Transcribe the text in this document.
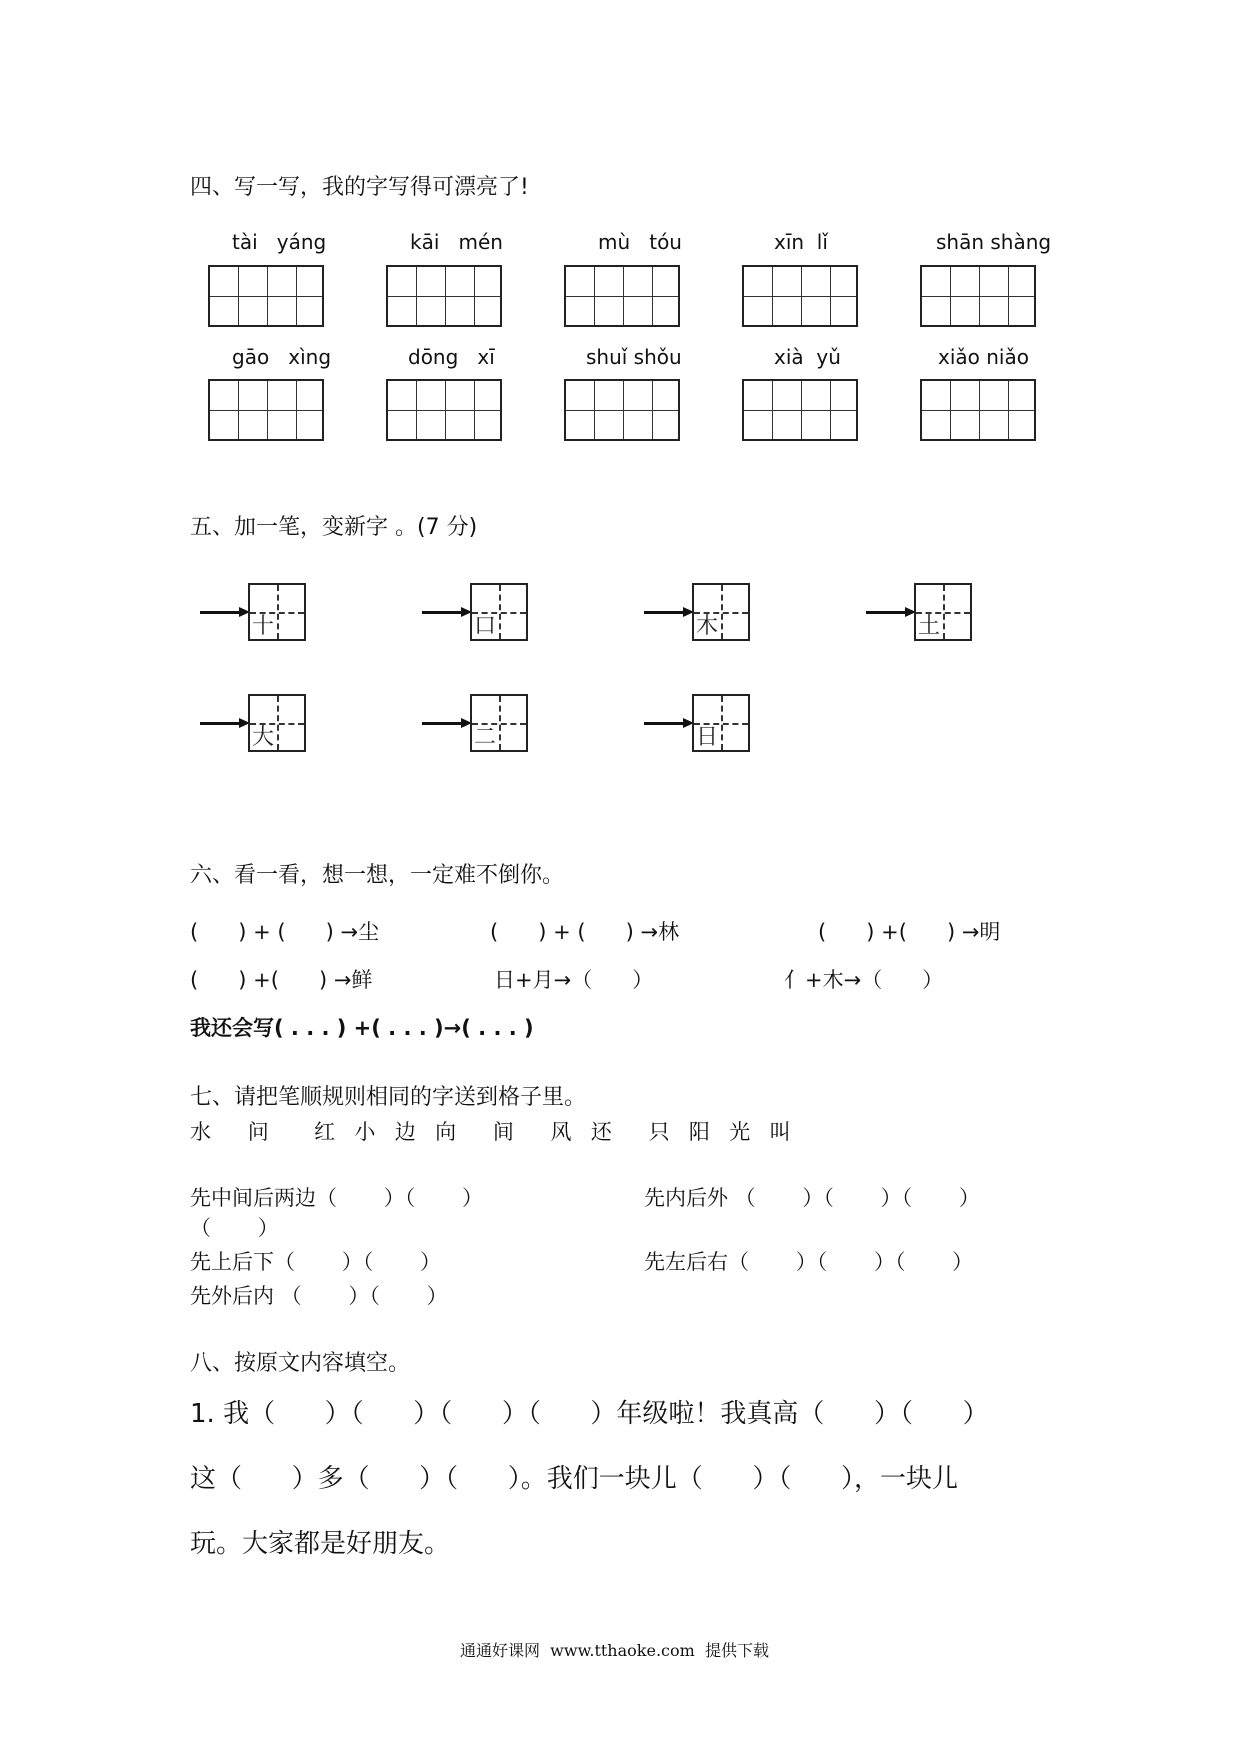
四、写一写，我的字写得可漂亮了!
tài   yáng	kāi   mén	mù   tóu	xīn  lǐ	shān shàng
gāo   xìng	dōng   xī	shuǐ shǒu	xià  yǔ	xiǎo niǎo
五、加一笔，变新字 。(7 分)
十	口	木	土
大	二	日
六、看一看，想一想，一定难不倒你。
(      ) + (      ) →尘	(      ) + (      ) →林	(      ) +(      ) →明
(      ) +(      ) →鲜	日+月→（      ）	亻+木→（      ）
我还会写( . . . ) +( . . . )→( . . . )
七、请把笔顺规则相同的字送到格子里。
水    问     红  小  边  向    间    风  还    只  阳  光  叫
先中间后两边（       ）（       ）	先内后外 （       ）（       ）（       ）
（       ）
先上后下（       ）（       ）	先左后右（       ）（       ）（       ）
先外后内 （       ）（       ）
八、按原文内容填空。
1. 我（      ）（      ）（      ）（      ）年级啦！我真高（      ）（      ）
这（      ）多（      ）（      ）。我们一块儿（      ）（      ），一块儿
玩。大家都是好朋友。
通通好课网  www.tthaoke.com  提供下载
